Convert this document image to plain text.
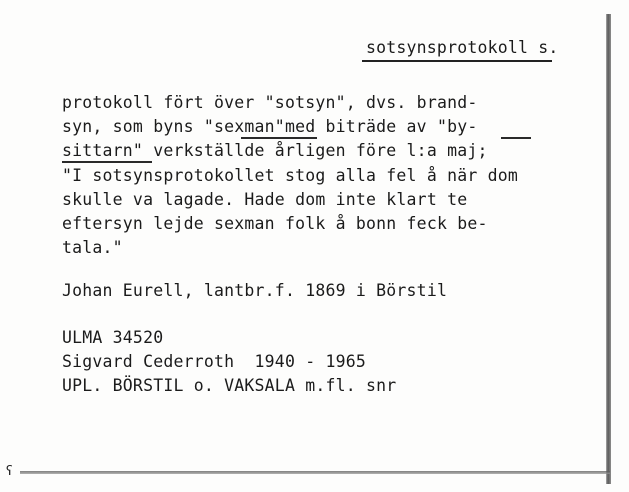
ʕ
sotsynsprotokoll s.
protokoll fört över "sotsyn", dvs. brand-
syn, som byns "sexman"med biträde av "by-
sittarn" verkställde årligen före l:a maj;
"I sotsynsprotokollet stog alla fel å när dom
skulle va lagade. Hade dom inte klart te
eftersyn lejde sexman folk å bonn feck be-
tala."
Johan Eurell, lantbr.f. 1869 i Börstil
ULMA 34520
Sigvard Cederroth  1940 - 1965
UPL. BÖRSTIL o. VAKSALA m.fl. snr
